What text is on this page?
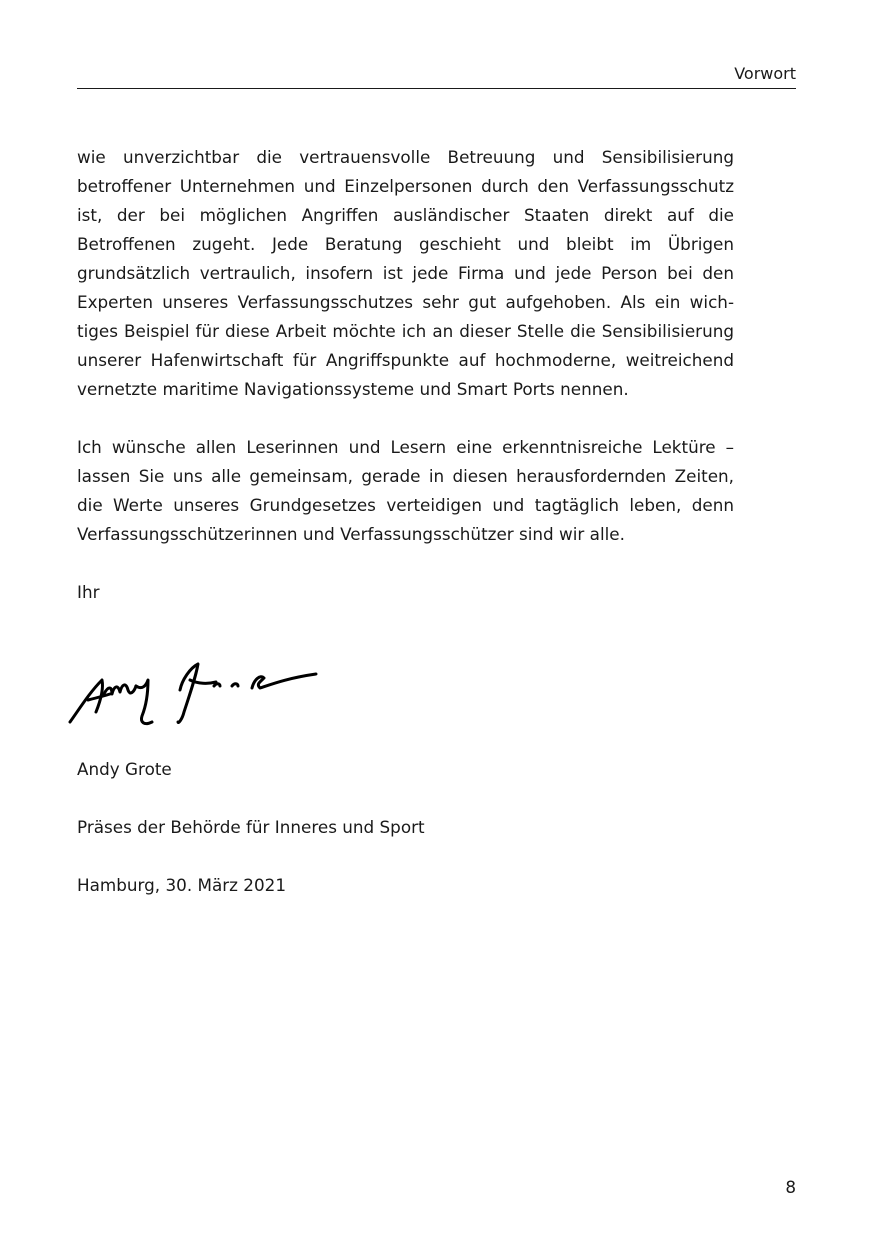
Vorwort

wie unverzichtbar die vertrauensvolle Betreuung und Sensibilisierung betroffener Unternehmen und Einzelpersonen durch den Verfassungsschutz ist, der bei möglichen Angriffen ausländischer Staaten direkt auf die Betroffenen zugeht. Jede Beratung geschieht und bleibt im Übrigen grundsätzlich vertraulich, insofern ist jede Firma und jede Person bei den Experten unseres Verfassungsschutzes sehr gut aufgehoben. Als ein wichtiges Beispiel für diese Arbeit möchte ich an dieser Stelle die Sensibilisierung unserer Hafenwirtschaft für Angriffspunkte auf hochmoderne, weitreichend vernetzte maritime Navigationssysteme und Smart Ports nennen.

Ich wünsche allen Leserinnen und Lesern eine erkenntnisreiche Lektüre – lassen Sie uns alle gemeinsam, gerade in diesen herausfordernden Zeiten, die Werte unseres Grundgesetzes verteidigen und tagtäglich leben, denn Verfassungsschützerinnen und Verfassungsschützer sind wir alle.

Ihr

Andy Grote

Präses der Behörde für Inneres und Sport

Hamburg, 30. März 2021

8
